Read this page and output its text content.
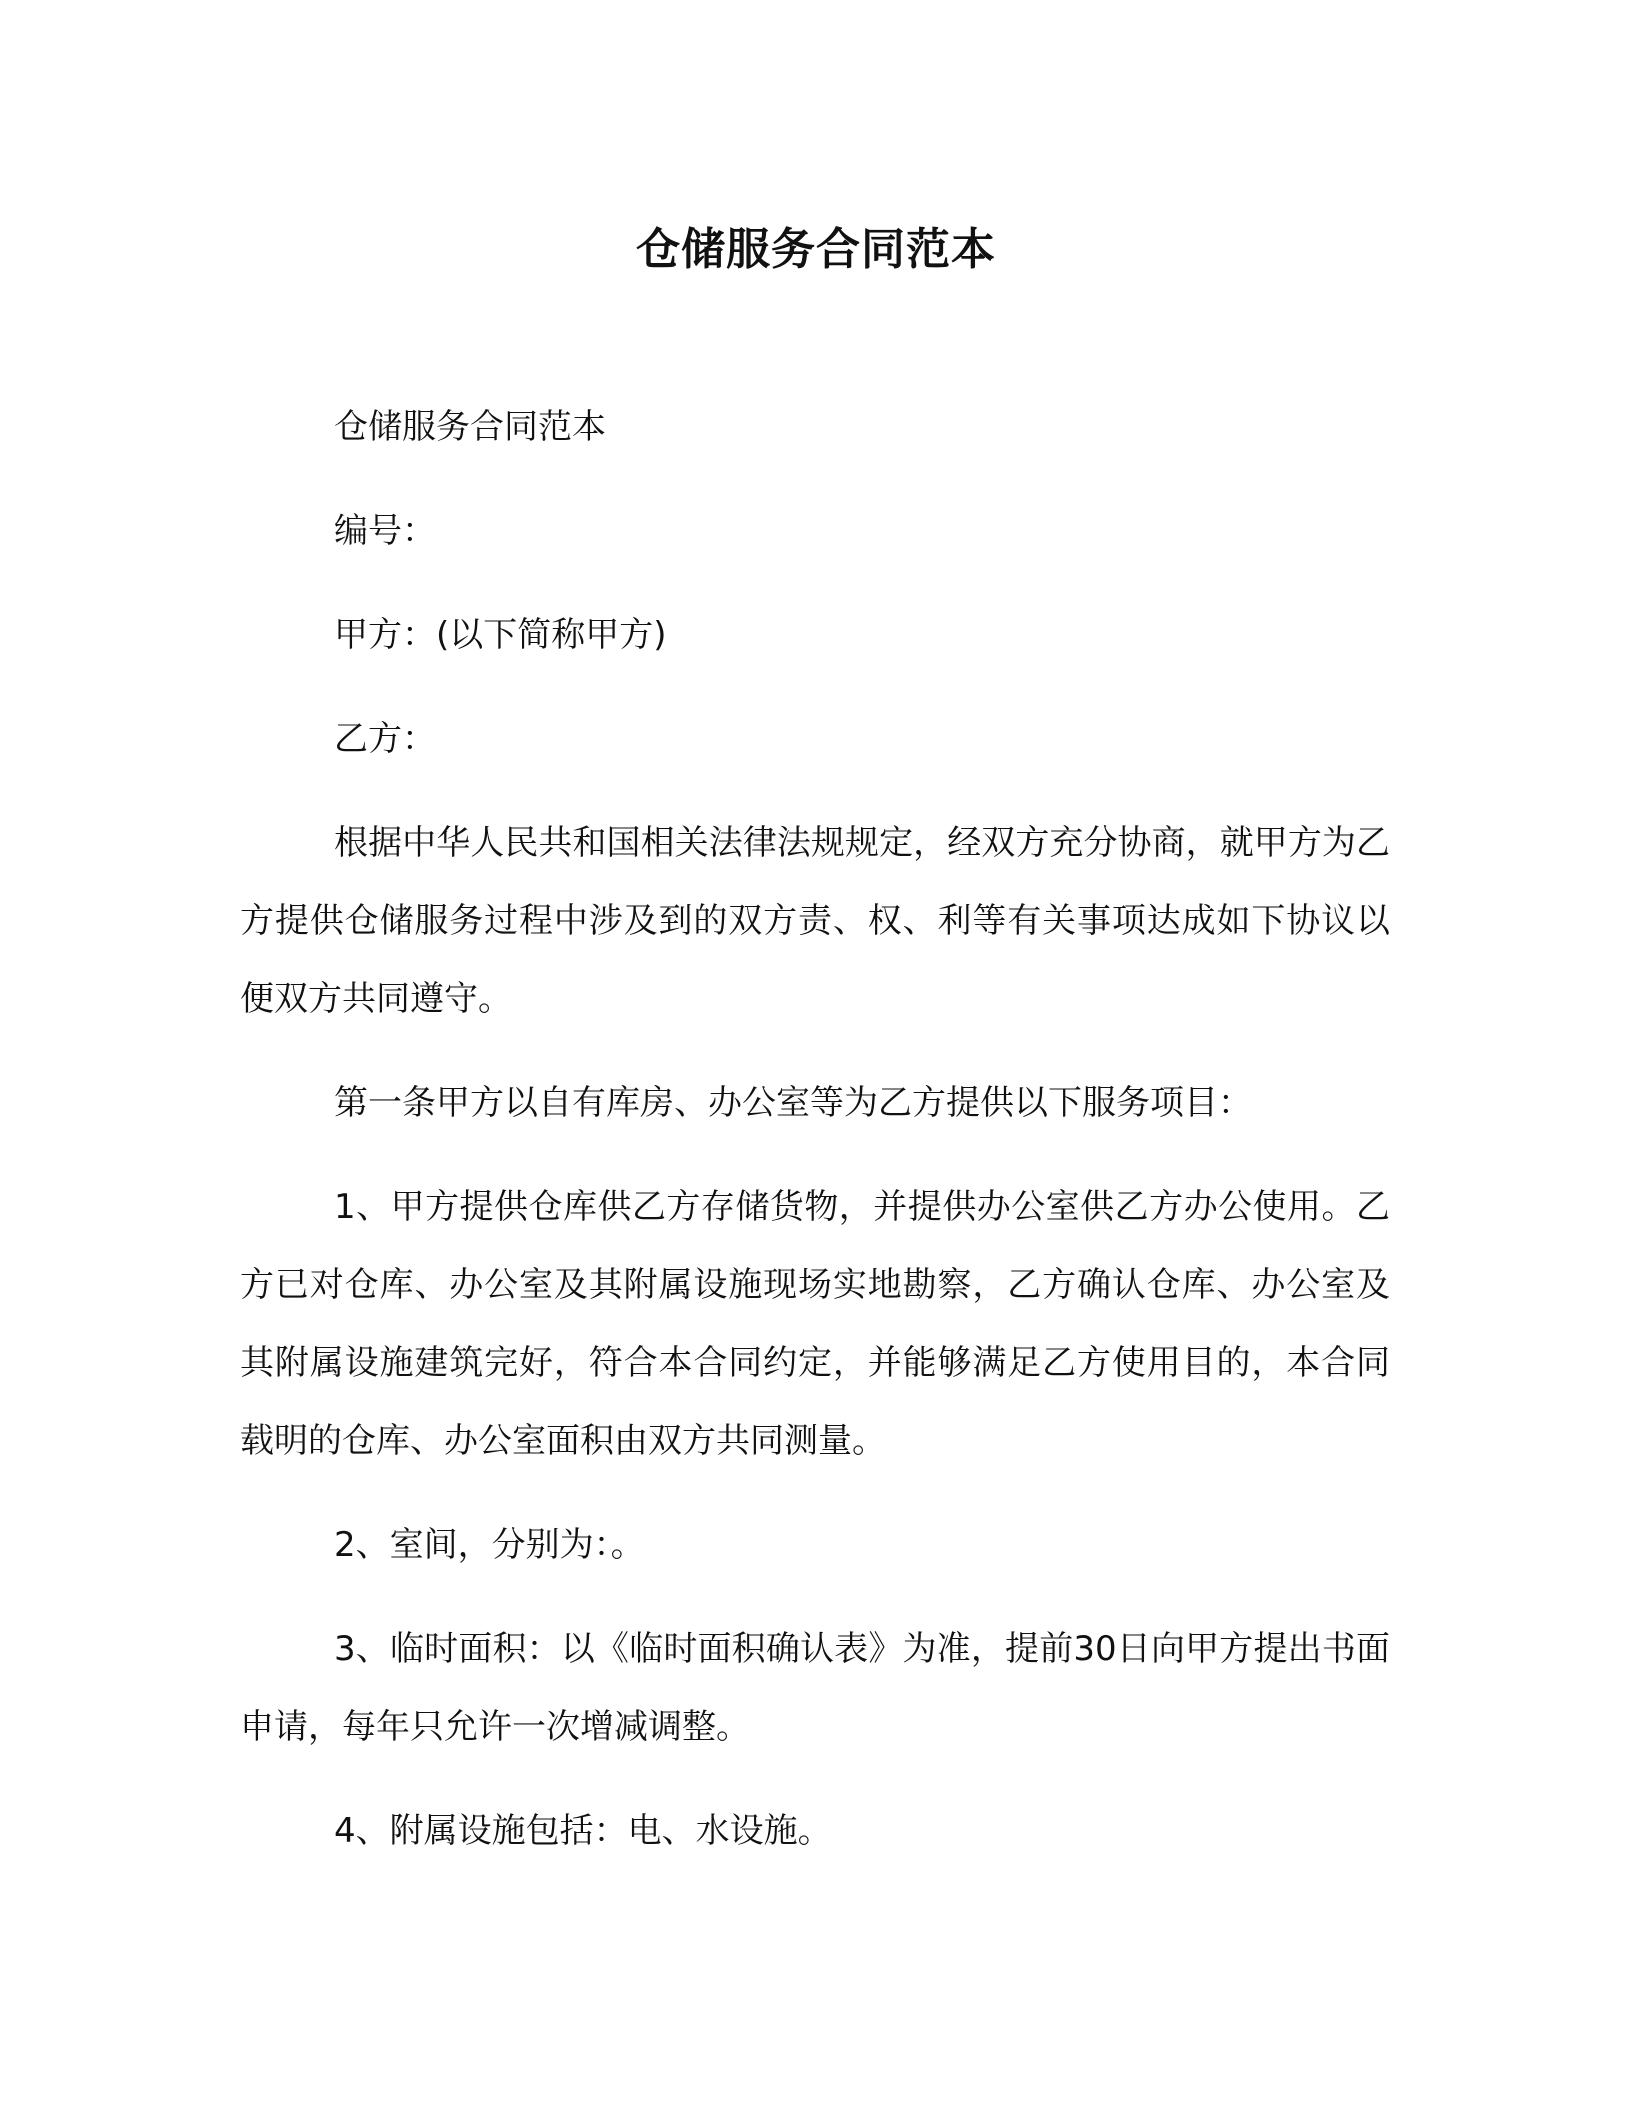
仓储服务合同范本

仓储服务合同范本

编号：

甲方：(以下简称甲方)

乙方：

根据中华人民共和国相关法律法规规定，经双方充分协商，就甲方为乙方提供仓储服务过程中涉及到的双方责、权、利等有关事项达成如下协议以便双方共同遵守。

第一条甲方以自有库房、办公室等为乙方提供以下服务项目：

1、甲方提供仓库供乙方存储货物，并提供办公室供乙方办公使用。乙方已对仓库、办公室及其附属设施现场实地勘察，乙方确认仓库、办公室及其附属设施建筑完好，符合本合同约定，并能够满足乙方使用目的，本合同载明的仓库、办公室面积由双方共同测量。

2、室间，分别为：。

3、临时面积：以《临时面积确认表》为准，提前30日向甲方提出书面申请，每年只允许一次增减调整。

4、附属设施包括：电、水设施。
